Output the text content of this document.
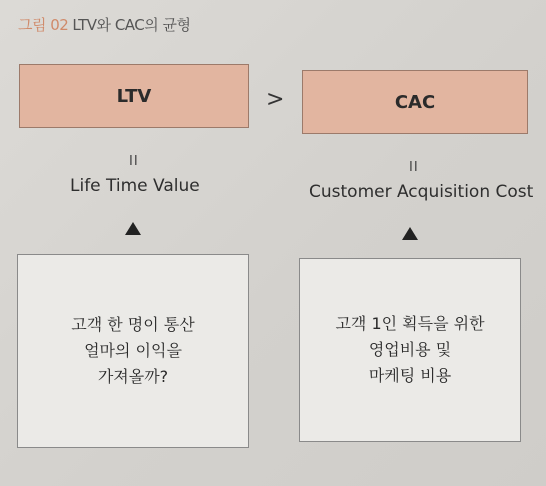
그림 02 LTV와 CAC의 균형
LTV	>	CAC
II	II
Life Time Value	Customer Acquisition Cost
고객 한 명이 통산
얼마의 이익을
가져올까?
고객 1인 획득을 위한
영업비용 및
마케팅 비용
